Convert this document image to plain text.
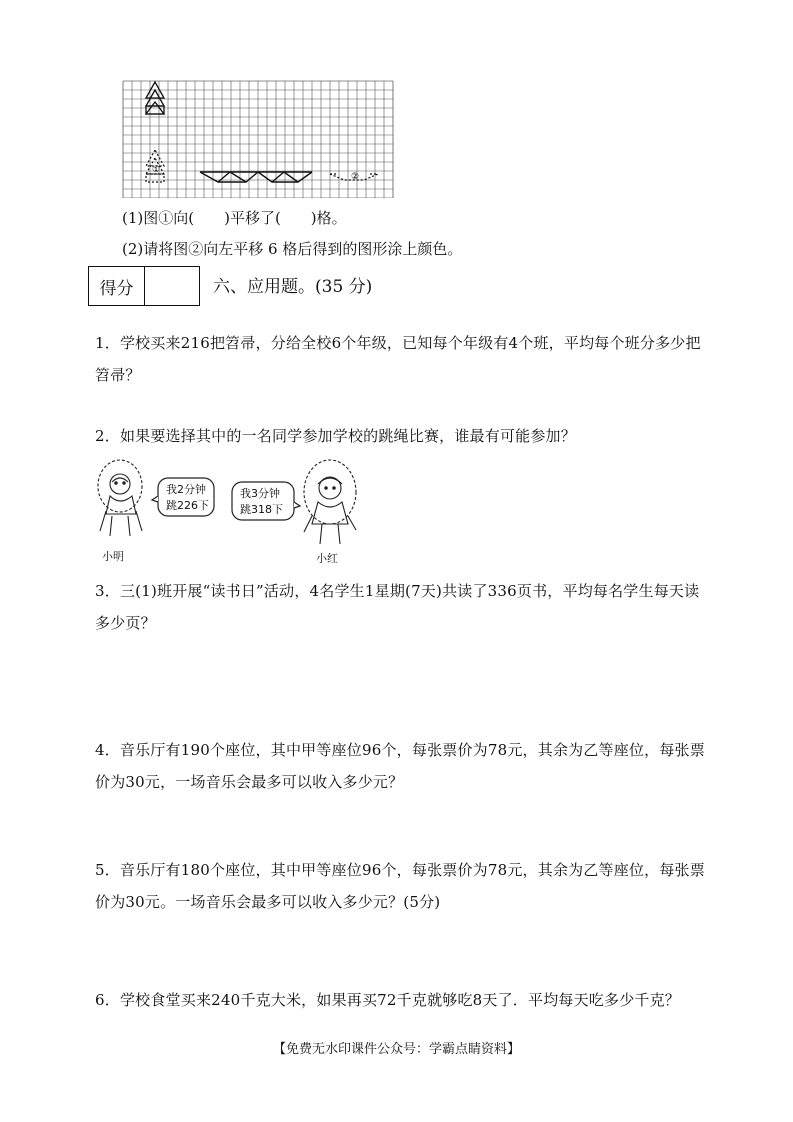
①
②
(1)图①向(　　)平移了(　　)格。
(2)请将图②向左平移 6 格后得到的图形涂上颜色。
得分	六、应用题。(35 分)
1．学校买来216把笤帚，分给全校6个年级，已知每个年级有4个班，平均每个班分多少把笤帚？
2．如果要选择其中的一名同学参加学校的跳绳比赛，谁最有可能参加？
我2分钟
跳226下
小明
我3分钟
跳318下
小红
3．三(1)班开展“读书日”活动，4名学生1星期(7天)共读了336页书，平均每名学生每天读多少页？
4．音乐厅有190个座位，其中甲等座位96个，每张票价为78元，其余为乙等座位，每张票价为30元，一场音乐会最多可以收入多少元？
5．音乐厅有180个座位，其中甲等座位96个，每张票价为78元，其余为乙等座位，每张票价为30元。一场音乐会最多可以收入多少元？(5分)
6．学校食堂买来240千克大米，如果再买72千克就够吃8天了．平均每天吃多少千克？
【免费无水印课件公众号：学霸点睛资料】
